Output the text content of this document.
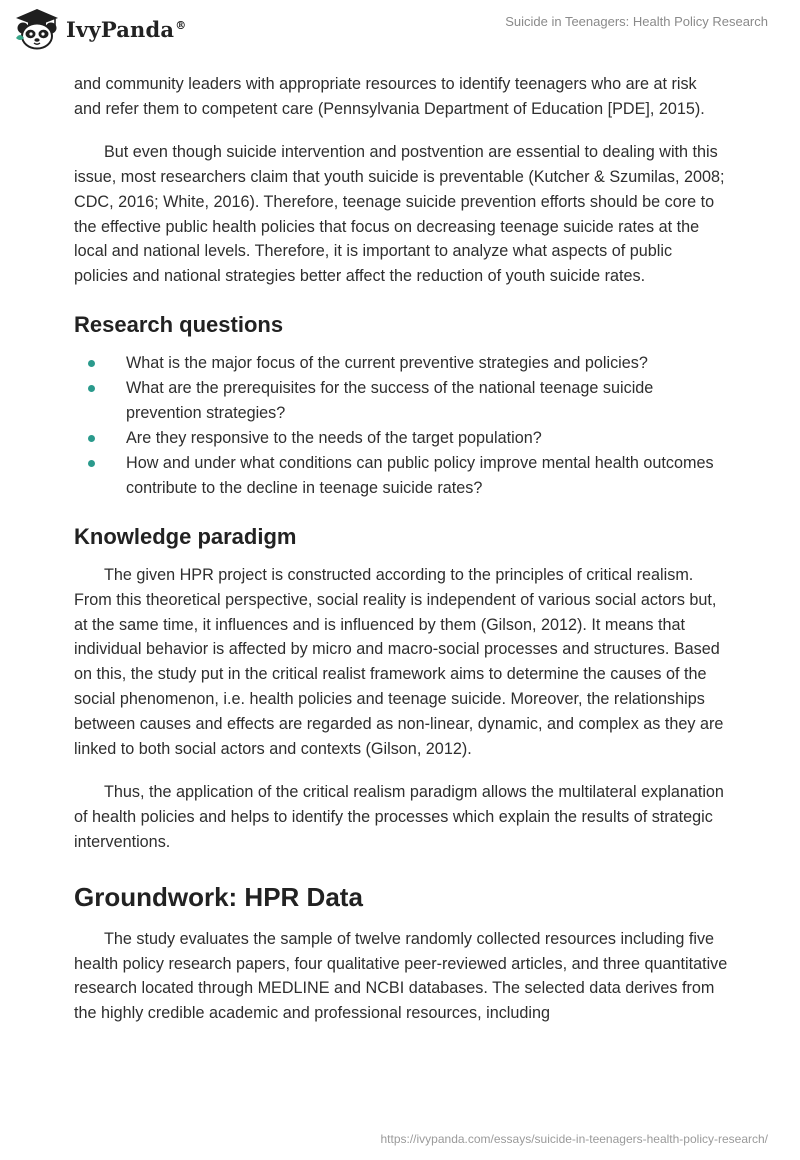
IvyPanda®	Suicide in Teenagers: Health Policy Research

and community leaders with appropriate resources to identify teenagers who are at risk and refer them to competent care (Pennsylvania Department of Education [PDE], 2015).

But even though suicide intervention and postvention are essential to dealing with this issue, most researchers claim that youth suicide is preventable (Kutcher & Szumilas, 2008; CDC, 2016; White, 2016). Therefore, teenage suicide prevention efforts should be core to the effective public health policies that focus on decreasing teenage suicide rates at the local and national levels. Therefore, it is important to analyze what aspects of public policies and national strategies better affect the reduction of youth suicide rates.

Research questions
What is the major focus of the current preventive strategies and policies?
What are the prerequisites for the success of the national teenage suicide prevention strategies?
Are they responsive to the needs of the target population?
How and under what conditions can public policy improve mental health outcomes contribute to the decline in teenage suicide rates?
Knowledge paradigm

The given HPR project is constructed according to the principles of critical realism. From this theoretical perspective, social reality is independent of various social actors but, at the same time, it influences and is influenced by them (Gilson, 2012). It means that individual behavior is affected by micro and macro-social processes and structures. Based on this, the study put in the critical realist framework aims to determine the causes of the social phenomenon, i.e. health policies and teenage suicide. Moreover, the relationships between causes and effects are regarded as non-linear, dynamic, and complex as they are linked to both social actors and contexts (Gilson, 2012).

Thus, the application of the critical realism paradigm allows the multilateral explanation of health policies and helps to identify the processes which explain the results of strategic interventions.

Groundwork: HPR Data

The study evaluates the sample of twelve randomly collected resources including five health policy research papers, four qualitative peer-reviewed articles, and three quantitative research located through MEDLINE and NCBI databases. The selected data derives from the highly credible academic and professional resources, including

https://ivypanda.com/essays/suicide-in-teenagers-health-policy-research/
